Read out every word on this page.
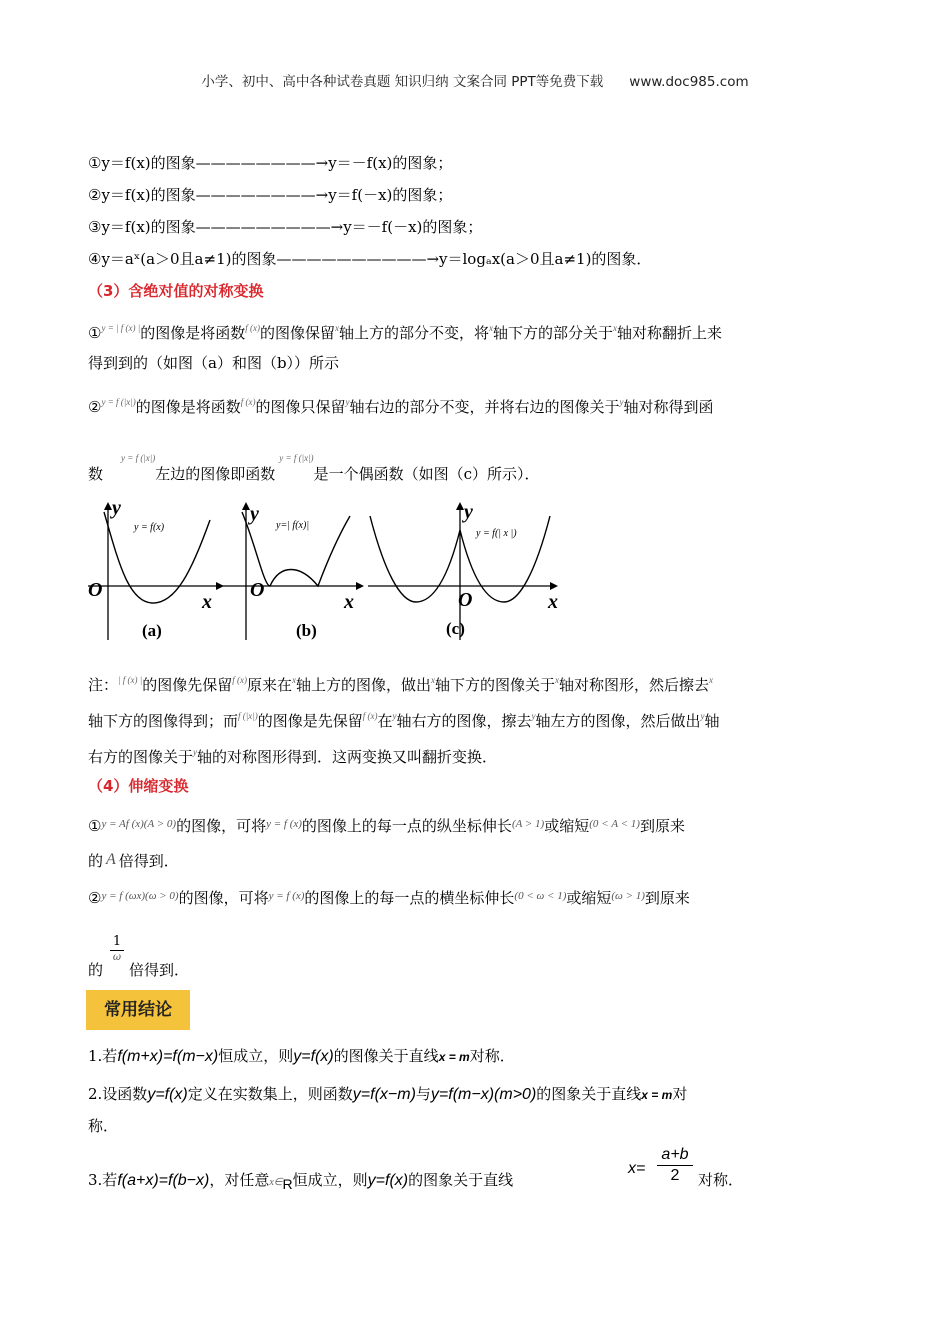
小学、初中、高中各种试卷真题 知识归纳 文案合同 PPT等免费下载 www.doc985.com
①y＝f(x)的图象————————→y＝－f(x)的图象；
②y＝f(x)的图象————————→y＝f(－x)的图象；
③y＝f(x)的图象—————————→y＝－f(－x)的图象；
④y＝aˣ(a＞0且a≠1)的图象——————————→y＝logₐx(a＞0且a≠1)的图象．
（3）含绝对值的对称变换
①$^{y = | f (x) |}$的图像是将函数$^{f (x)}$的图像保留$^x$轴上方的部分不变，将$^x$轴下方的部分关于$^x$轴对称翻折上来
得到到的（如图（a）和图（b））所示
②$^{y = f (|x|)}$的图像是将函数$^{f (x)}$的图像只保留$^y$轴右边的部分不变，并将右边的图像关于$^y$轴对称得到函
数$^{y = f (|x|)}$左边的图像即函数$^{y = f (|x|)}$是一个偶函数（如图（c）所示）．
O
x
y
y = f(x)
(a)
O
x
y
y=| f(x)|
(b)
O	x
y
y = f(| x |)
(c)
注：$^{| f (x) |}$的图像先保留$^{f (x)}$原来在$^x$轴上方的图像，做出$^x$轴下方的图像关于$^x$轴对称图形，然后擦去$^x$
轴下方的图像得到；而$^{f (|x|)}$的图像是先保留$^{f (x)}$在$^y$轴右方的图像，擦去$^y$轴左方的图像，然后做出$^y$轴
右方的图像关于$^y$轴的对称图形得到．这两变换又叫翻折变换．
（4）伸缩变换
①$^{y = Af (x)(A > 0)}$的图像，可将$^{y = f (x)}$的图像上的每一点的纵坐标伸长$^{(A > 1)}$或缩短$^{(0 < A < 1)}$到原来
的 A 倍得到．
②$^{y = f (\omega x)(\omega > 0)}$的图像，可将$^{y = f (x)}$的图像上的每一点的横坐标伸长$^{(0 < \omega < 1)}$或缩短$^{(\omega > 1)}$到原来
1
ω
的 倍得到．
常用结论
1.若f(m+x)=f(m−x)恒成立，则y=f(x)的图像关于直线x = m对称．
2.设函数y=f(x)定义在实数集上，则函数y=f(x−m)与y=f(m−x)(m>0)的图象关于直线x = m对
称．
3.若f(a+x)=f(b−x)，对任意x∈R恒成立，则y=f(x)的图象关于直线
x=
a+b
2	对称．
